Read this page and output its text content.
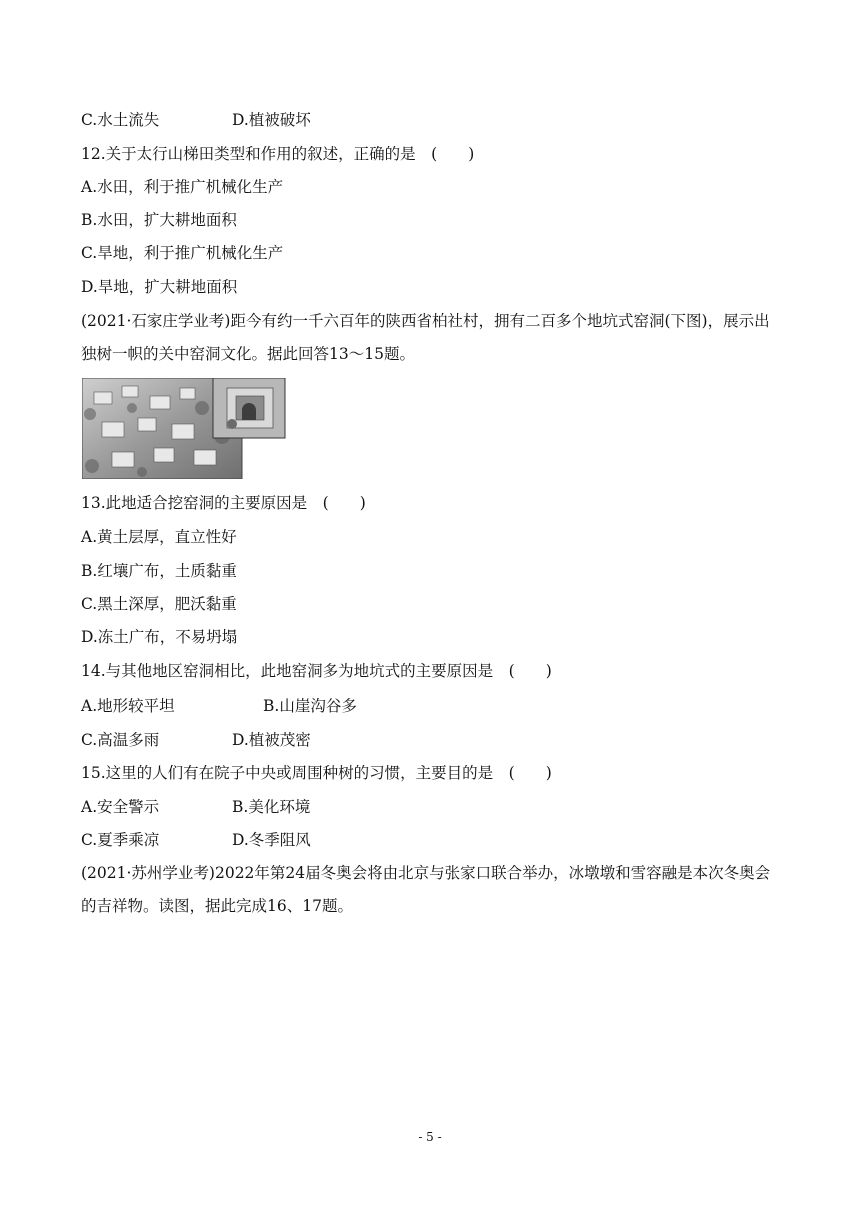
C.水土流失	D.植被破坏
12.关于太行山梯田类型和作用的叙述，正确的是　(　　)
A.水田，利于推广机械化生产
B.水田，扩大耕地面积
C.旱地，利于推广机械化生产
D.旱地，扩大耕地面积
(2021·石家庄学业考)距今有约一千六百年的陕西省柏社村，拥有二百多个地坑式窑洞(下图)，展示出独树一帜的关中窑洞文化。据此回答13～15题。
13.此地适合挖窑洞的主要原因是　(　　)
A.黄土层厚，直立性好
B.红壤广布，土质黏重
C.黑土深厚，肥沃黏重
D.冻土广布，不易坍塌
14.与其他地区窑洞相比，此地窑洞多为地坑式的主要原因是　(　　)
A.地形较平坦	B.山崖沟谷多
C.高温多雨	D.植被茂密
15.这里的人们有在院子中央或周围种树的习惯，主要目的是　(　　)
A.安全警示	B.美化环境
C.夏季乘凉	D.冬季阻风
(2021·苏州学业考)2022年第24届冬奥会将由北京与张家口联合举办，冰墩墩和雪容融是本次冬奥会的吉祥物。读图，据此完成16、17题。
- 5 -
